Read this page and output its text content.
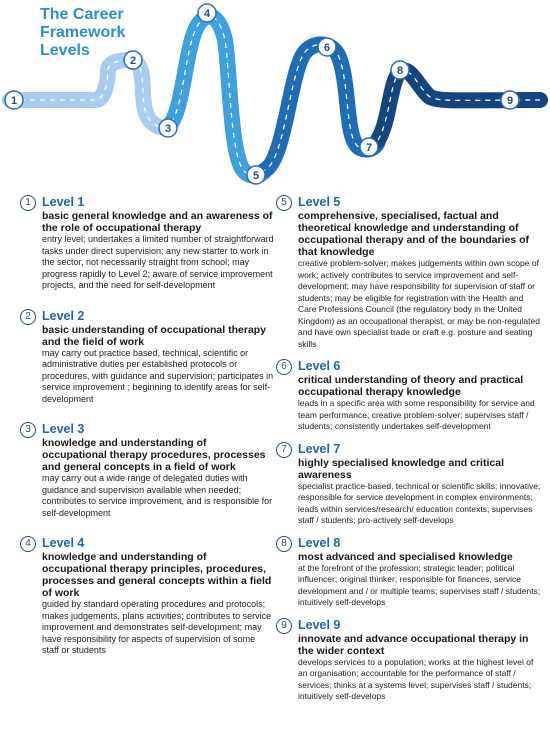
The Career
Framework
Levels
1
2
3
4
5
6
7
8
9
1 Level 1
basic general knowledge and an awareness of the role of occupational therapy
entry level; undertakes a limited number of straightforward tasks under direct supervision; any new starter to work in the sector, not necessarily straight from school; may progress rapidly to Level 2; aware of service improvement projects, and the need for self-development
2 Level 2
basic understanding of occupational therapy and the field of work
may carry out practice based, technical, scientific or administrative duties per established protocols or procedures, with guidance and supervision; participates in service improvement ; beginning to identify areas for self-development
3 Level 3
knowledge and understanding of occupational therapy procedures, processes and general concepts in a field of work
may carry out a wide range of delegated duties with guidance and supervision available when needed; contributes to service improvement, and is responsible for self-development
4 Level 4
knowledge and understanding of occupational therapy principles, procedures, processes and general concepts within a field of work
guided by standard operating procedures and protocols; makes judgements, plans activities; contributes to service improvement and demonstrates self-development; may have responsibility for aspects of supervision of some staff or students
5 Level 5
comprehensive, specialised, factual and theoretical knowledge and understanding of occupational therapy and of the boundaries of that knowledge
creative problem-solver; makes judgements within own scope of work; actively contributes to service improvement and self-development; may have responsibility for supervision of staff or students; may be eligible for registration with the Health and Care Professions Council (the regulatory body in the United Kingdom) as an occupational therapist, or may be non-regulated and have own specialist trade or craft e.g. posture and seating skills
6 Level 6
critical understanding of theory and practical occupational therapy knowledge
leads in a specific area with some responsibility for service and team performance; creative problem-solver; supervises staff / students; consistently undertakes self-development
7 Level 7
highly specialised knowledge and critical awareness
specialist practice-based, technical or scientific skills; innovative; responsible for service development in complex environments; leads within services/research/ education contexts; supervises staff / students; pro-actively self-develops
8 Level 8
most advanced and specialised knowledge
at the forefront of the profession; strategic leader; political influencer; original thinker; responsible for finances, service development and / or multiple teams; supervises staff / students; intuitively self-develops
9 Level 9
innovate and advance occupational therapy in the wider context
develops services to a population; works at the highest level of an organisation; accountable for the performance of staff / services; thinks at a systems level; supervises staff / students; intuitively self-develops
